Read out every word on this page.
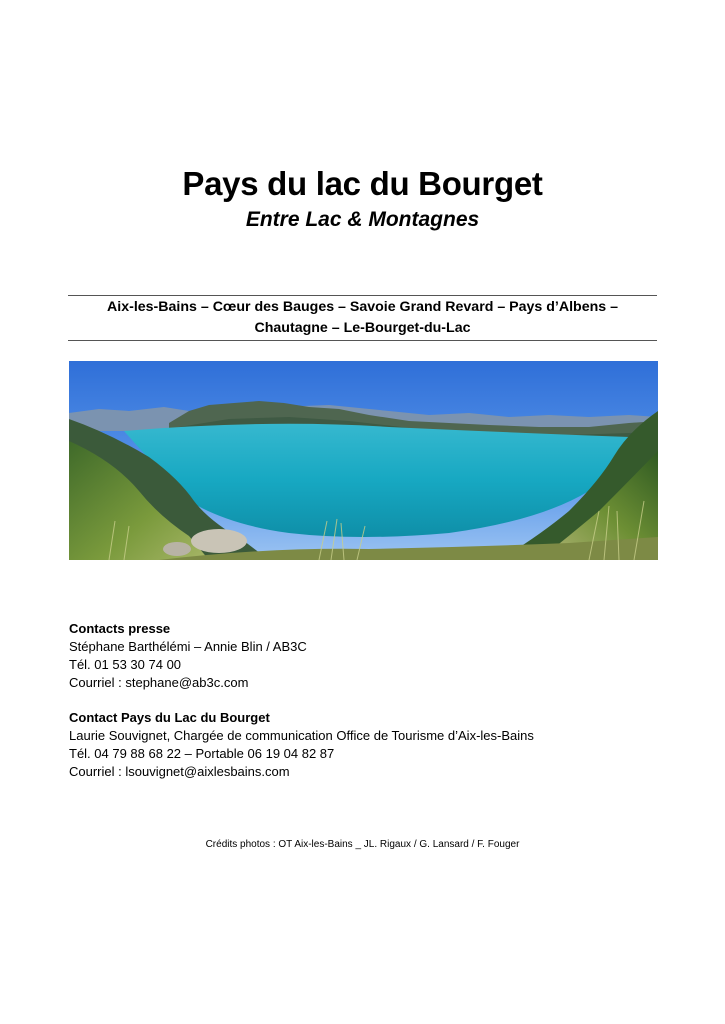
Pays du lac du Bourget
Entre Lac & Montagnes
Aix-les-Bains – Cœur des Bauges – Savoie Grand Revard – Pays d’Albens –
Chautagne – Le-Bourget-du-Lac
Contacts presse
Stéphane Barthélémi – Annie Blin / AB3C
Tél. 01 53 30 74 00
Courriel : stephane@ab3c.com
Contact Pays du Lac du Bourget
Laurie Souvignet, Chargée de communication Office de Tourisme d’Aix-les-Bains
Tél. 04 79 88 68 22 – Portable 06 19 04 82 87
Courriel : lsouvignet@aixlesbains.com
Crédits photos : OT Aix-les-Bains _ JL. Rigaux / G. Lansard / F. Fouger
